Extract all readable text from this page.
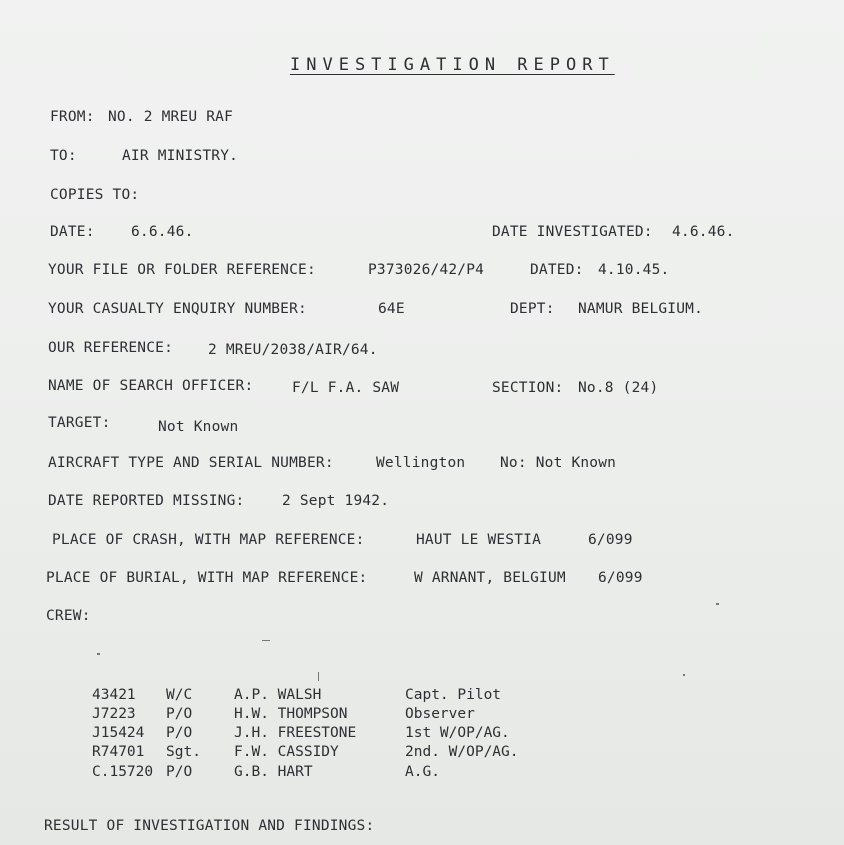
INVESTIGATION REPORT
FROM: NO. 2 MREU RAF
TO:	AIR MINISTRY.
COPIES TO:
DATE:	6.6.46.	DATE INVESTIGATED: 4.6.46.
YOUR FILE OR FOLDER REFERENCE:	P373026/42/P4	DATED: 4.10.45.
YOUR CASUALTY ENQUIRY NUMBER:	64E	DEPT: NAMUR BELGIUM.
OUR REFERENCE: 2 MREU/2038/AIR/64.
NAME OF SEARCH OFFICER:	F/L F.A. SAW	SECTION: No.8 (24)
TARGET:	Not Known
AIRCRAFT TYPE AND SERIAL NUMBER:	Wellington No: Not Known
DATE REPORTED MISSING:	2 Sept 1942.
PLACE OF CRASH, WITH MAP REFERENCE:	HAUT LE WESTIA	6/099
PLACE OF BURIAL, WITH MAP REFERENCE:	W ARNANT, BELGIUM 6/099
CREW:
43421 W/C	A.P. WALSH	Capt. Pilot
J7223 P/O	H.W. THOMPSON	Observer
J15424 P/O	J.H. FREESTONE	1st W/OP/AG.
R74701 Sgt. F.W. CASSIDY	2nd. W/OP/AG.
C.15720 P/O	G.B. HART	A.G.
RESULT OF INVESTIGATION AND FINDINGS:
